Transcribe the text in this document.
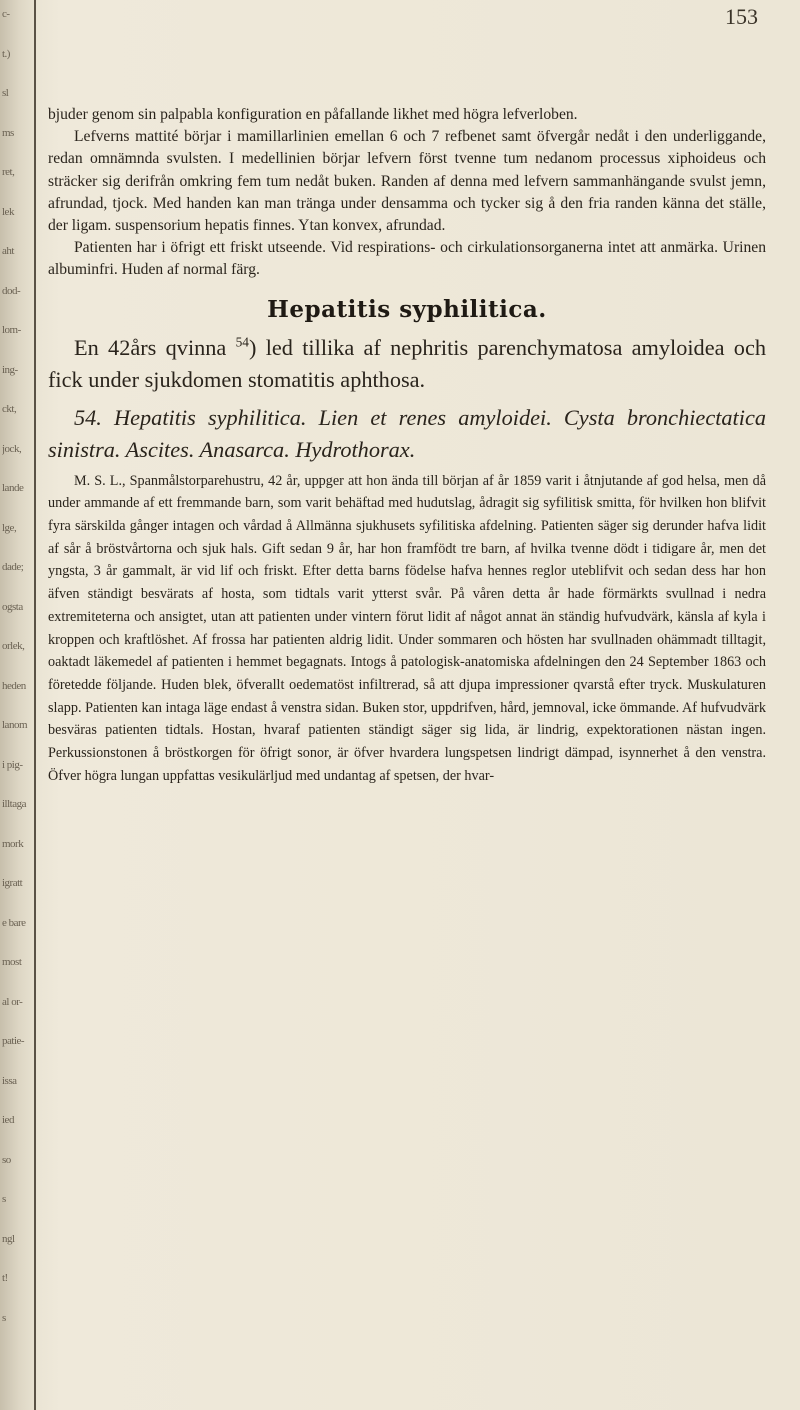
c-
t.)
sl
ms
ret,
lek
aht
dod-
lom-
ing-
ckt,
jock,
lande
lge,
dade;
ogsta
orlek,
heden
lanom
i pig-
illtaga
mork
igratt
e bare
most
al or-
patie-
issa
ied
so
s
ngl
t!
s
153

bjuder genom sin palpabla konfiguration en påfallande likhet med högra lefverloben.

Lefverns mattité börjar i mamillarlinien emellan 6 och 7 refbenet samt öfvergår nedåt i den underliggande, redan omnämnda svulsten. I medellinien börjar lefvern först tvenne tum nedanom processus xiphoideus och sträcker sig derifrån omkring fem tum nedåt buken. Randen af denna med lefvern sammanhängande svulst jemn, afrundad, tjock. Med handen kan man tränga under densamma och tycker sig å den fria randen känna det ställe, der ligam. suspensorium hepatis finnes. Ytan konvex, afrundad.

Patienten har i öfrigt ett friskt utseende. Vid respirations- och cirkulationsorganerna intet att anmärka. Urinen albuminfri. Huden af normal färg.

Hepatitis syphilitica.

En 42års qvinna $^{54}$) led tillika af nephritis parenchymatosa amyloidea och fick under sjukdomen stomatitis aphthosa.

54. Hepatitis syphilitica. Lien et renes amyloidei. Cysta bronchiectatica sinistra. Ascites. Anasarca. Hydrothorax.

M. S. L., Spanmålstorparehustru, 42 år, uppger att hon ända till början af år 1859 varit i åtnjutande af god helsa, men då under ammande af ett fremmande barn, som varit behäftad med hudutslag, ådragit sig syfilitisk smitta, för hvilken hon blifvit fyra särskilda gånger intagen och vårdad å Allmänna sjukhusets syfilitiska afdelning. Patienten säger sig derunder hafva lidit af sår å bröstvårtorna och sjuk hals. Gift sedan 9 år, har hon framfödt tre barn, af hvilka tvenne dödt i tidigare år, men det yngsta, 3 år gammalt, är vid lif och friskt. Efter detta barns födelse hafva hennes reglor uteblifvit och sedan dess har hon äfven ständigt besvärats af hosta, som tidtals varit ytterst svår. På våren detta år hade förmärkts svullnad i nedra extremiteterna och ansigtet, utan att patienten under vintern förut lidit af något annat än ständig hufvudvärk, känsla af kyla i kroppen och kraftlöshet. Af frossa har patienten aldrig lidit. Under sommaren och hösten har svullnaden ohämmadt tilltagit, oaktadt läkemedel af patienten i hemmet begagnats. Intogs å patologisk-anatomiska afdelningen den 24 September 1863 och företedde följande. Huden blek, öfverallt oedematöst infiltrerad, så att djupa impressioner qvarstå efter tryck. Muskulaturen slapp. Patienten kan intaga läge endast å venstra sidan. Buken stor, uppdrifven, hård, jemnoval, icke ömmande. Af hufvudvärk besväras patienten tidtals. Hostan, hvaraf patienten ständigt säger sig lida, är lindrig, expektorationen nästan ingen. Perkussionstonen å bröstkorgen för öfrigt sonor, är öfver hvardera lungspetsen lindrigt dämpad, isynnerhet å den venstra. Öfver högra lungan uppfattas vesikulärljud med undantag af spetsen, der hvar-
